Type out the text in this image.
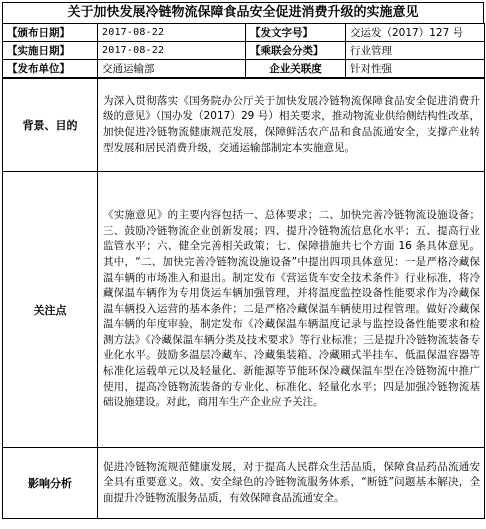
关于加快发展冷链物流保障食品安全促进消费升级的实施意见
【颁布日期】	2017-08-22	【发文字号】	交运发（2017）127 号
【实施日期】	2017-08-22	【乘联会分类】	行业管理
【发布单位】	交通运输部	企业关联度	针对性强
背景、目的	为深入贯彻落实《国务院办公厅关于加快发展冷链物流保障食品安全促进消费升级的意见》（国办发（2017）29 号）相关要求，推动物流业供给侧结构性改革，加快促进冷链物流健康规范发展，保障鲜活农产品和食品流通安全，支撑产业转型发展和居民消费升级，交通运输部制定本实施意见。
关注点	《实施意见》的主要内容包括一、总体要求；二、加快完善冷链物流设施设备；三、鼓励冷链物流企业创新发展；四、提升冷链物流信息化水平；五、提高行业监管水平；六、健全完善相关政策；七、保障措施共七个方面 16 条具体意见。其中，“二、加快完善冷链物流设施设备”中提出四项具体意见：一是严格冷藏保温车辆的市场准入和退出。制定发布《营运货车安全技术条件》行业标准，将冷藏保温车辆作为专用货运车辆加强管理，并将温度监控设备性能要求作为冷藏保温车辆投入运营的基本条件；二是严格冷藏保温车辆使用过程管理。做好冷藏保温车辆的年度审验，制定发布《冷藏保温车辆温度记录与监控设备性能要求和检测方法》《冷藏保温车辆分类及技术要求》等行业标准；三是提升冷链物流装备专业化水平。鼓励多温层冷藏车、冷藏集装箱、冷藏厢式半挂车、低温保温容器等标准化运载单元以及轻量化、新能源等节能环保冷藏保温车型在冷链物流中推广使用，提高冷链物流装备的专业化、标准化、轻量化水平；四是加强冷链物流基础设施建设。对此，商用车生产企业应予关注。
影响分析	促进冷链物流规范健康发展，对于提高人民群众生活品质，保障食品药品流通安全具有重要意义。效、安全绿色的冷链物流服务体系，“断链”问题基本解决，全面提升冷链物流服务品质，有效保障食品流通安全。
